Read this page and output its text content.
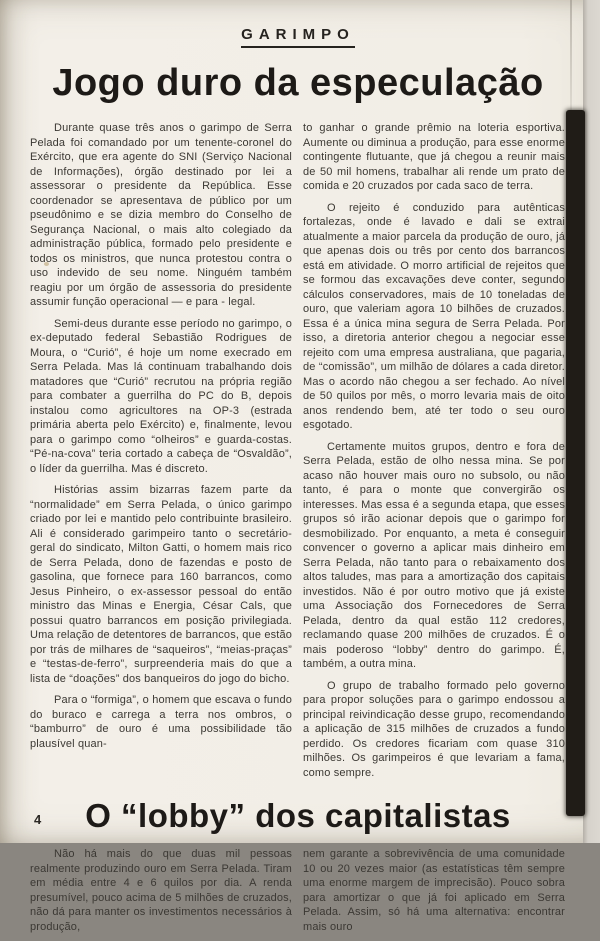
GARIMPO
Jogo duro da especulação

Durante quase três anos o garimpo de Serra Pelada foi comandado por um tenente-coronel do Exército, que era agente do SNI (Serviço Nacional de Informações), órgão destinado por lei a assessorar o presidente da República. Esse coordenador se apresentava de público por um pseudônimo e se dizia membro do Conselho de Segurança Nacional, o mais alto colegiado da administração pública, formado pelo presidente e todos os ministros, que nunca protestou contra o uso indevido de seu nome. Ninguém também reagiu por um órgão de assessoria do presidente assumir função operacional — e para - legal.

Semi-deus durante esse período no garimpo, o ex-deputado federal Sebastião Rodrigues de Moura, o “Curió”, é hoje um nome execrado em Serra Pelada. Mas lá continuam trabalhando dois matadores que “Curió” recrutou na própria região para combater a guerrilha do PC do B, depois instalou como agricultores na OP-3 (estrada primária aberta pelo Exército) e, finalmente, levou para o garimpo como “olheiros” e guarda-costas. “Pé-na-cova” teria cortado a cabeça de “Osvaldão”, o líder da guerrilha. Mas é discreto.

Histórias assim bizarras fazem parte da “normalidade” em Serra Pelada, o único garimpo criado por lei e mantido pelo contribuinte brasileiro. Ali é considerado garimpeiro tanto o secretário-geral do sindicato, Milton Gatti, o homem mais rico de Serra Pelada, dono de fazendas e posto de gasolina, que fornece para 160 barrancos, como Jesus Pinheiro, o ex-assessor pessoal do então ministro das Minas e Energia, César Cals, que possui quatro barrancos em posição privilegiada. Uma relação de detentores de barrancos, que estão por trás de milhares de “saqueiros”, “meias-praças” e “testas-de-ferro”, surpreenderia mais do que a lista de “doações” dos banqueiros do jogo do bicho.

Para o “formiga”, o homem que escava o fundo do buraco e carrega a terra nos ombros, o “bamburro” de ouro é uma possibilidade tão plausível quan-

to ganhar o grande prêmio na loteria esportiva. Aumente ou diminua a produção, para esse enorme contingente flutuante, que já chegou a reunir mais de 50 mil homens, trabalhar ali rende um prato de comida e 20 cruzados por cada saco de terra.

O rejeito é conduzido para autênticas fortalezas, onde é lavado e dali se extrai atualmente a maior parcela da produção de ouro, já que apenas dois ou três por cento dos barrancos está em atividade. O morro artificial de rejeitos que se formou das excavações deve conter, segundo cálculos conservadores, mais de 10 toneladas de ouro, que valeriam agora 10 bilhões de cruzados. Essa é a única mina segura de Serra Pelada. Por isso, a diretoria anterior chegou a negociar esse rejeito com uma empresa australiana, que pagaria, de “comissão”, um milhão de dólares a cada diretor. Mas o acordo não chegou a ser fechado. Ao nível de 50 quilos por mês, o morro levaria mais de oito anos rendendo bem, até ter todo o seu ouro esgotado.

Certamente muitos grupos, dentro e fora de Serra Pelada, estão de olho nessa mina. Se por acaso não houver mais ouro no subsolo, ou não tanto, é para o monte que convergirão os interesses. Mas essa é a segunda etapa, que esses grupos só irão acionar depois que o garimpo for desmobilizado. Por enquanto, a meta é conseguir convencer o governo a aplicar mais dinheiro em Serra Pelada, não tanto para o rebaixamento dos altos taludes, mas para a amortização dos capitais investidos. Não é por outro motivo que já existe uma Associação dos Fornecedores de Serra Pelada, dentro da qual estão 112 credores, reclamando quase 200 milhões de cruzados. É o mais poderoso “lobby” dentro do garimpo. É, também, a outra mina.

O grupo de trabalho formado pelo governo para propor soluções para o garimpo endossou a principal reivindicação desse grupo, recomendando a aplicação de 315 milhões de cruzados a fundo perdido. Os credores ficariam com quase 310 milhões. Os garimpeiros é que levariam a fama, como sempre.

O “lobby” dos capitalistas

Não há mais do que duas mil pessoas realmente produzindo ouro em Serra Pelada. Tiram em média entre 4 e 6 quilos por dia. A renda presumível, pouco acima de 5 milhões de cruzados, não dá para manter os investimentos necessários à produção,

nem garante a sobrevivência de uma comunidade 10 ou 20 vezes maior (as estatísticas têm sempre uma enorme margem de imprecisão). Pouco sobra para amortizar o que já foi aplicado em Serra Pelada. Assim, só há uma alternativa: encontrar mais ouro

4
